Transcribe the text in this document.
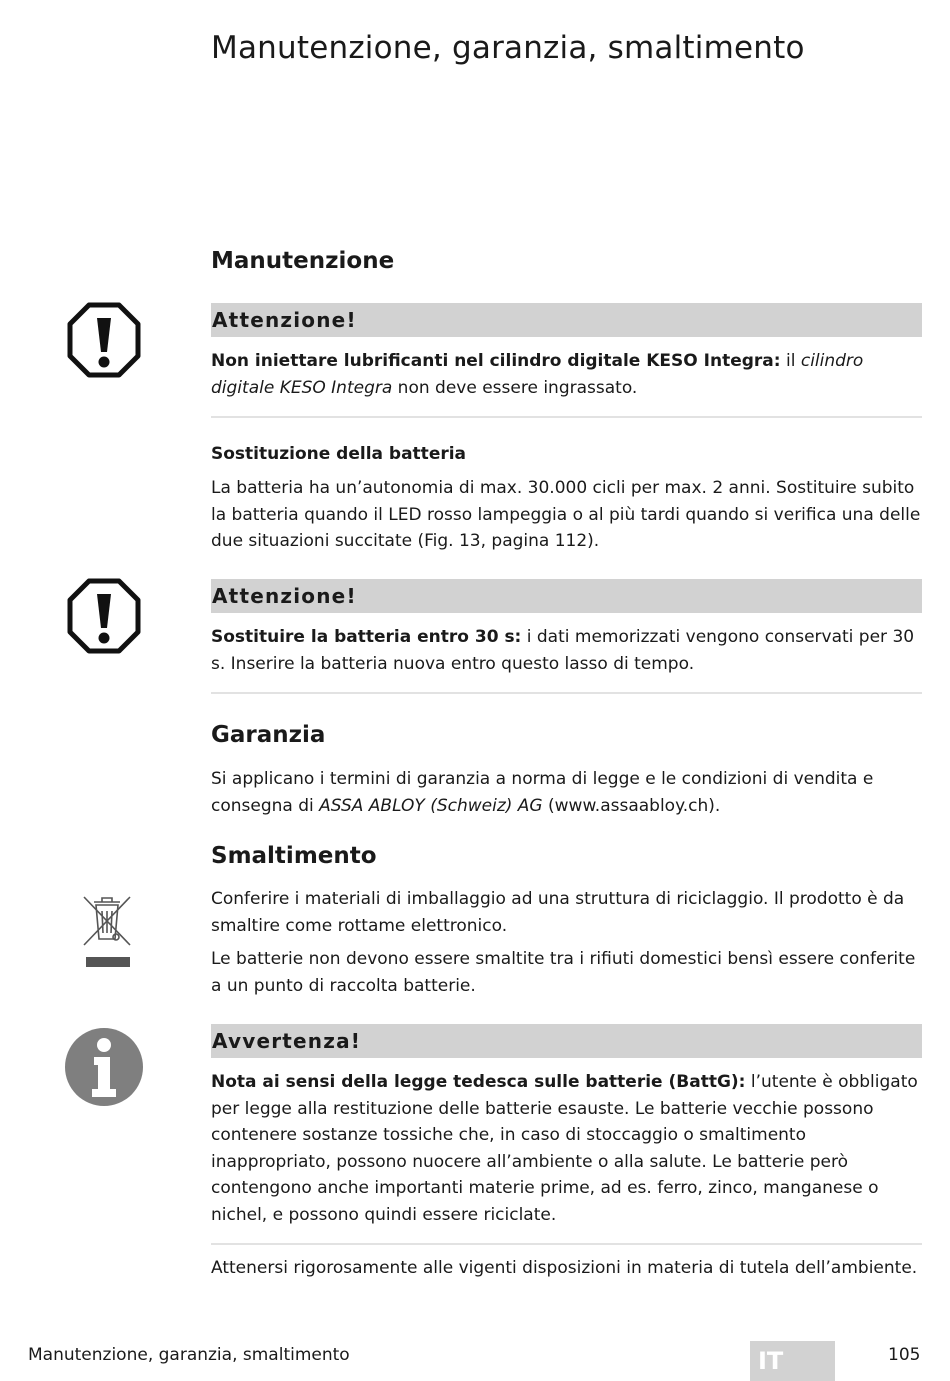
Manutenzione, garanzia, smaltimento
Manutenzione
Attenzione!

Non iniettare lubrificanti nel cilindro digitale KESO Integra: il cilindro digitale KESO Integra non deve essere ingrassato.

Sostituzione della batteria

La batteria ha un’autonomia di max. 30.000 cicli per max. 2 anni. Sostituire subito la batteria quando il LED rosso lampeggia o al più tardi quando si verifica una delle due situazioni succitate (Fig. 13, pagina 112).

Attenzione!

Sostituire la batteria entro 30 s: i dati memorizzati vengono conservati per 30 s. Inserire la batteria nuova entro questo lasso di tempo.

Garanzia

Si applicano i termini di garanzia a norma di legge e le condizioni di vendita e consegna di ASSA ABLOY (Schweiz) AG (www.assaabloy.ch).

Smaltimento

Conferire i materiali di imballaggio ad una struttura di riciclaggio. Il prodotto è da smaltire come rottame elettronico.

Le batterie non devono essere smaltite tra i rifiuti domestici bensì essere conferite a un punto di raccolta batterie.

Avvertenza!

Nota ai sensi della legge tedesca sulle batterie (BattG): l’utente è obbligato per legge alla restituzione delle batterie esauste. Le batterie vecchie possono contenere sostanze tossiche che, in caso di stoccaggio o smaltimento inappropriato, possono nuocere all’ambiente o alla salute. Le batterie però contengono anche importanti materie prime, ad es. ferro, zinco, manganese o nichel, e possono quindi essere riciclate.

Attenersi rigorosamente alle vigenti disposizioni in materia di tutela dell’ambiente.

Manutenzione, garanzia, smaltimento	IT	105
